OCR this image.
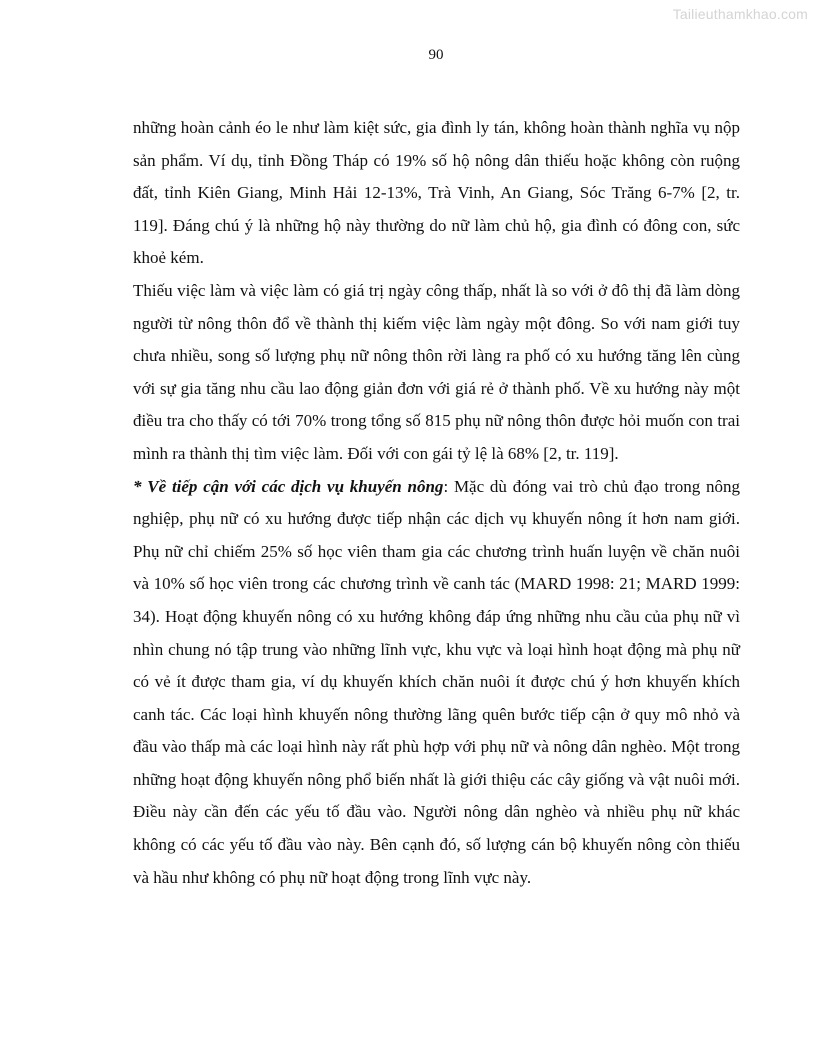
Tailieuthamkhao.com
90

những hoàn cảnh éo le như làm kiệt sức, gia đình ly tán, không hoàn thành nghĩa vụ nộp sản phẩm. Ví dụ, tỉnh Đồng Tháp có 19% số hộ nông dân thiếu hoặc không còn ruộng đất, tỉnh Kiên Giang, Minh Hải 12-13%, Trà Vinh, An Giang, Sóc Trăng 6-7% [2, tr. 119]. Đáng chú ý là những hộ này thường do nữ làm chủ hộ, gia đình có đông con, sức khoẻ kém.

Thiếu việc làm và việc làm có giá trị ngày công thấp, nhất là so với ở đô thị đã làm dòng người từ nông thôn đổ về thành thị kiếm việc làm ngày một đông. So với nam giới tuy chưa nhiều, song số lượng phụ nữ nông thôn rời làng ra phố có xu hướng tăng lên cùng với sự gia tăng nhu cầu lao động giản đơn với giá rẻ ở thành phố. Về xu hướng này một điều tra cho thấy có tới 70% trong tổng số 815 phụ nữ nông thôn được hỏi muốn con trai mình ra thành thị tìm việc làm. Đối với con gái tỷ lệ là 68% [2, tr. 119].

* Về tiếp cận với các dịch vụ khuyến nông: Mặc dù đóng vai trò chủ đạo trong nông nghiệp, phụ nữ có xu hướng được tiếp nhận các dịch vụ khuyến nông ít hơn nam giới. Phụ nữ chỉ chiếm 25% số học viên tham gia các chương trình huấn luyện về chăn nuôi và 10% số học viên trong các chương trình về canh tác (MARD 1998: 21; MARD 1999: 34). Hoạt động khuyến nông có xu hướng không đáp ứng những nhu cầu của phụ nữ vì nhìn chung nó tập trung vào những lĩnh vực, khu vực và loại hình hoạt động mà phụ nữ có vẻ ít được tham gia, ví dụ khuyến khích chăn nuôi ít được chú ý hơn khuyến khích canh tác. Các loại hình khuyến nông thường lãng quên bước tiếp cận ở quy mô nhỏ và đầu vào thấp mà các loại hình này rất phù hợp với phụ nữ và nông dân nghèo. Một trong những hoạt động khuyến nông phổ biến nhất là giới thiệu các cây giống và vật nuôi mới. Điều này cần đến các yếu tố đầu vào. Người nông dân nghèo và nhiều phụ nữ khác không có các yếu tố đầu vào này. Bên cạnh đó, số lượng cán bộ khuyến nông còn thiếu và hầu như không có phụ nữ hoạt động trong lĩnh vực này.
